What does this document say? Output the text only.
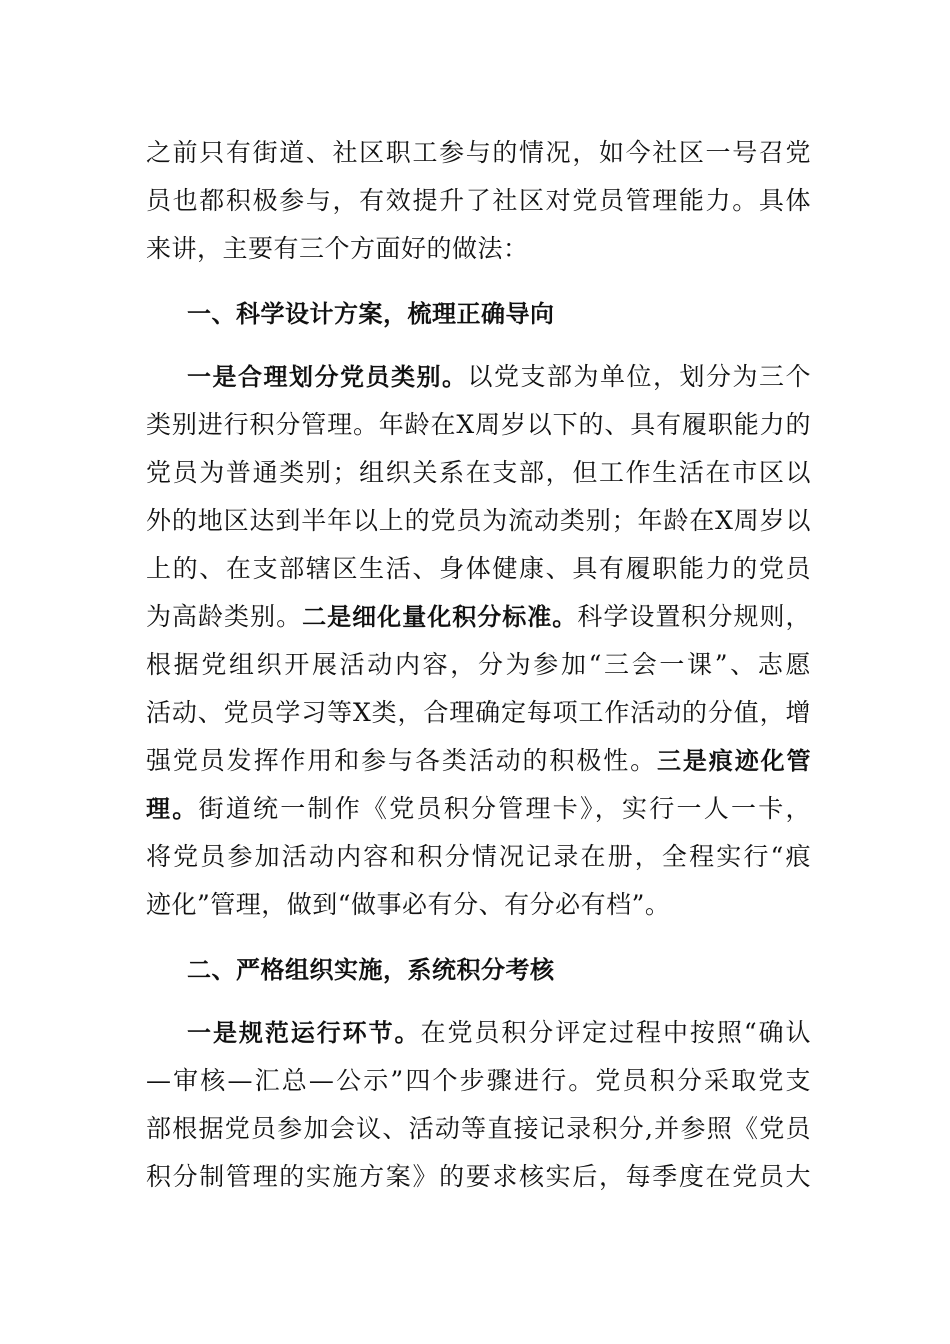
之前只有街道、社区职工参与的情况，如今社区一号召党
员也都积极参与，有效提升了社区对党员管理能力。具体
来讲，主要有三个方面好的做法：
一、科学设计方案，梳理正确导向
一是合理划分党员类别。以党支部为单位，划分为三个
类别进行积分管理。年龄在X周岁以下的、具有履职能力的
党员为普通类别；组织关系在支部，但工作生活在市区以
外的地区达到半年以上的党员为流动类别；年龄在X周岁以
上的、在支部辖区生活、身体健康、具有履职能力的党员
为高龄类别。二是细化量化积分标准。科学设置积分规则，
根据党组织开展活动内容，分为参加“三会一课”、志愿
活动、党员学习等X类，合理确定每项工作活动的分值，增
强党员发挥作用和参与各类活动的积极性。三是痕迹化管
理。街道统一制作《党员积分管理卡》，实行一人一卡，
将党员参加活动内容和积分情况记录在册，全程实行“痕
迹化”管理，做到“做事必有分、有分必有档”。
二、严格组织实施，系统积分考核
一是规范运行环节。在党员积分评定过程中按照“确认
—审核—汇总—公示”四个步骤进行。党员积分采取党支
部根据党员参加会议、活动等直接记录积分,并参照《党员
积分制管理的实施方案》的要求核实后，每季度在党员大
